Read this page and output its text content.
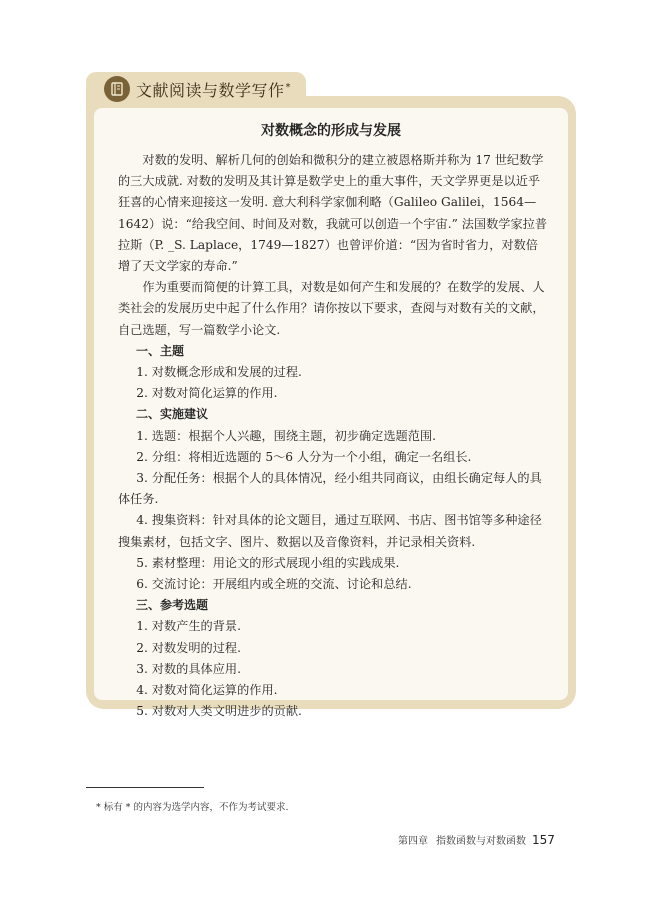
文献阅读与数学写作*
对数概念的形成与发展

对数的发明、解析几何的创始和微积分的建立被恩格斯并称为 17 世纪数学的三大成就. 对数的发明及其计算是数学史上的重大事件，天文学界更是以近乎狂喜的心情来迎接这一发明. 意大利科学家伽利略（Galileo Galilei，1564—1642）说：“给我空间、时间及对数，我就可以创造一个宇宙.” 法国数学家拉普拉斯（P. _S. Laplace，1749—1827）也曾评价道：“因为省时省力，对数倍增了天文学家的寿命.”

作为重要而简便的计算工具，对数是如何产生和发展的？在数学的发展、人类社会的发展历史中起了什么作用？请你按以下要求，查阅与对数有关的文献，自己选题，写一篇数学小论文.

一、主题

1. 对数概念形成和发展的过程.

2. 对数对简化运算的作用.

二、实施建议

1. 选题：根据个人兴趣，围绕主题，初步确定选题范围.

2. 分组：将相近选题的 5～6 人分为一个小组，确定一名组长.

3. 分配任务：根据个人的具体情况，经小组共同商议，由组长确定每人的具体任务.

4. 搜集资料：针对具体的论文题目，通过互联网、书店、图书馆等多种途径搜集素材，包括文字、图片、数据以及音像资料，并记录相关资料.

5. 素材整理：用论文的形式展现小组的实践成果.

6. 交流讨论：开展组内或全班的交流、讨论和总结.

三、参考选题

1. 对数产生的背景.

2. 对数发明的过程.

3. 对数的具体应用.

4. 对数对简化运算的作用.

5. 对数对人类文明进步的贡献.

* 标有 * 的内容为选学内容，不作为考试要求.
第四章 指数函数与对数函数 157
